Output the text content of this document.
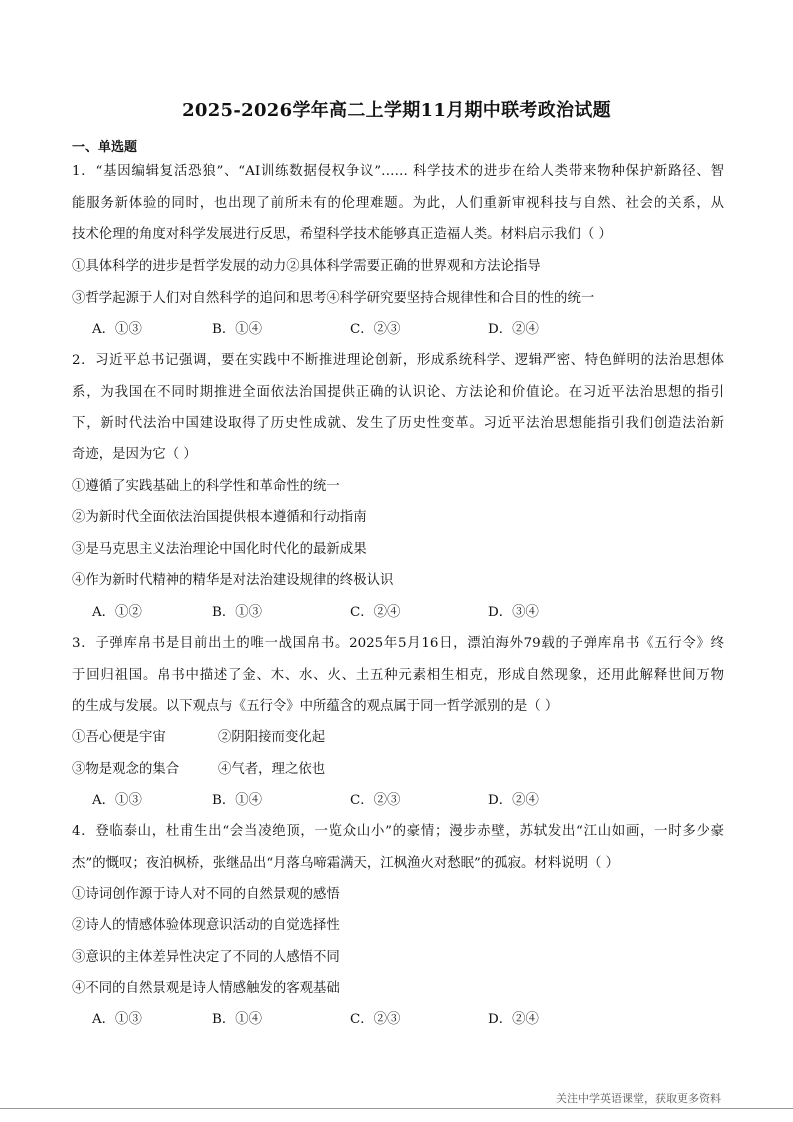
2025-2026学年高二上学期11月期中联考政治试题
一、单选题
1．“基因编辑复活恐狼”、“AI训练数据侵权争议”…… 科学技术的进步在给人类带来物种保护新路径、智
能服务新体验的同时，也出现了前所未有的伦理难题。为此，人们重新审视科技与自然、社会的关系，从
技术伦理的角度对科学发展进行反思，希望科学技术能够真正造福人类。材料启示我们（ ）
①具体科学的进步是哲学发展的动力②具体科学需要正确的世界观和方法论指导
③哲学起源于人们对自然科学的追问和思考④科学研究要坚持合规律性和合目的性的统一
A．①③	B．①④	C．②③	D．②④
2．习近平总书记强调，要在实践中不断推进理论创新，形成系统科学、逻辑严密、特色鲜明的法治思想体
系，为我国在不同时期推进全面依法治国提供正确的认识论、方法论和价值论。在习近平法治思想的指引
下，新时代法治中国建设取得了历史性成就、发生了历史性变革。习近平法治思想能指引我们创造法治新
奇迹，是因为它（ ）
①遵循了实践基础上的科学性和革命性的统一
②为新时代全面依法治国提供根本遵循和行动指南
③是马克思主义法治理论中国化时代化的最新成果
④作为新时代精神的精华是对法治建设规律的终极认识
A．①②	B．①③	C．②④	D．③④
3．子弹库帛书是目前出土的唯一战国帛书。2025年5月16日，漂泊海外79载的子弹库帛书《五行令》终
于回归祖国。帛书中描述了金、木、水、火、土五种元素相生相克，形成自然现象，还用此解释世间万物
的生成与发展。以下观点与《五行令》中所蕴含的观点属于同一哲学派别的是（ ）
①吾心便是宇宙	②阴阳接而变化起
③物是观念的集合	④气者，理之依也
A．①③	B．①④	C．②③	D．②④
4．登临泰山，杜甫生出“会当凌绝顶，一览众山小”的豪情；漫步赤壁，苏轼发出“江山如画，一时多少豪
杰”的慨叹；夜泊枫桥，张继品出“月落乌啼霜满天，江枫渔火对愁眠”的孤寂。材料说明（ ）
①诗词创作源于诗人对不同的自然景观的感悟
②诗人的情感体验体现意识活动的自觉选择性
③意识的主体差异性决定了不同的人感悟不同
④不同的自然景观是诗人情感触发的客观基础
A．①③	B．①④	C．②③	D．②④
关注中学英语课堂，获取更多资料
